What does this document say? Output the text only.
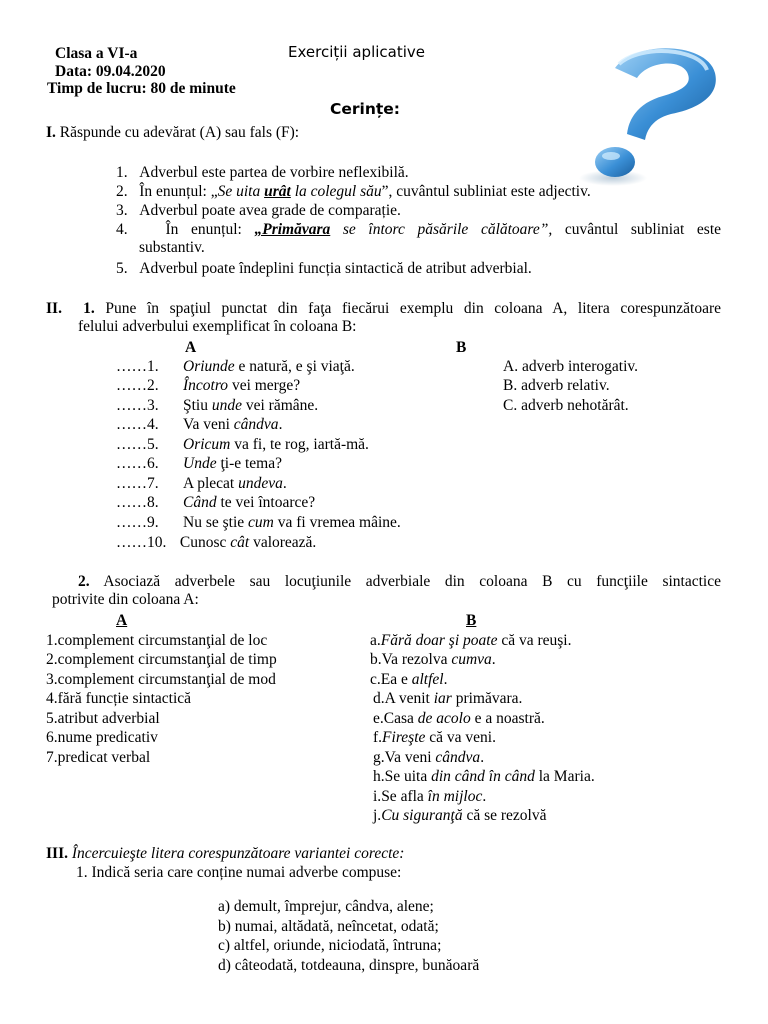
Clasa a VI-a
Data: 09.04.2020
Timp de lucru: 80 de minute
Exerciții aplicative
Cerințe:
I. Răspunde cu adevărat (A) sau fals (F):
1. Adverbul este partea de vorbire neflexibilă.
2. În enunțul: „Se uita urât la colegul său”, cuvântul subliniat este adjectiv.
3. Adverbul poate avea grade de comparație.
4. În enunțul: „Primăvara se întorc păsările călătoare”, cuvântul subliniat este
substantiv.
5. Adverbul poate îndeplini funcția sintactică de atribut adverbial.
II. 1. Pune în spaţiul punctat din faţa fiecărui exemplu din coloana A, litera corespunzătoare
felului adverbului exemplificat în coloana B:
A	B
……1. Oriunde e natură, e şi viaţă.
……2. Încotro vei merge?
……3. Ştiu unde vei rămâne.
……4. Va veni cândva.
……5. Oricum va fi, te rog, iartă-mă.
……6. Unde ţi-e tema?
……7. A plecat undeva.
……8. Când te vei întoarce?
……9. Nu se ştie cum va fi vremea mâine.
……10. Cunosc cât valorează.
A. adverb interogativ.
B. adverb relativ.
C. adverb nehotărât.
2. Asociază adverbele sau locuţiunile adverbiale din coloana B cu funcţiile sintactice
potrivite din coloana A:
A	B
1.complement circumstanţial de loc
2.complement circumstanţial de timp
3.complement circumstanţial de mod
4.fără funcție sintactică
5.atribut adverbial
6.nume predicativ
7.predicat verbal
a.Fără doar şi poate că va reuşi.
b.Va rezolva cumva.
c.Ea e altfel.
d.A venit iar primăvara.
e.Casa de acolo e a noastră.
f.Fireşte că va veni.
g.Va veni cândva.
h.Se uita din când în când la Maria.
i.Se afla în mijloc.
j.Cu siguranţă că se rezolvă
III. Încercuieşte litera corespunzătoare variantei corecte:
1. Indică seria care conține numai adverbe compuse:
a) demult, împrejur, cândva, alene;
b) numai, altădată, neîncetat, odată;
c) altfel, oriunde, niciodată, întruna;
d) câteodată, totdeauna, dinspre, bunăoară
